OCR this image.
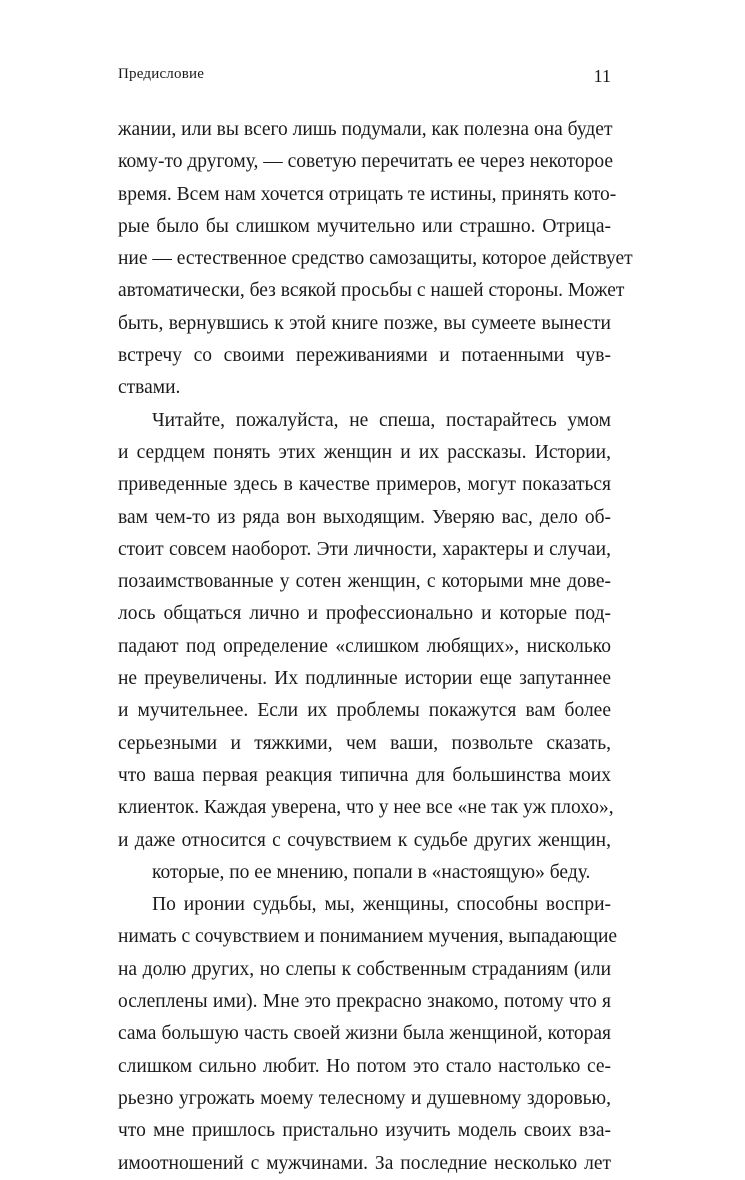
Предисловие	11
жании, или вы всего лишь подумали, как полезна она будет
кому-то другому, — советую перечитать ее через некоторое
время. Всем нам хочется отрицать те истины, принять кото-
рые было бы слишком мучительно или страшно. Отрица-
ние — естественное средство самозащиты, которое действует
автоматически, без всякой просьбы с нашей стороны. Может
быть, вернувшись к этой книге позже, вы сумеете вынести
встречу со своими переживаниями и потаенными чув-
ствами.
Читайте, пожалуйста, не спеша, постарайтесь умом
и сердцем понять этих женщин и их рассказы. Истории,
приведенные здесь в качестве примеров, могут показаться
вам чем-то из ряда вон выходящим. Уверяю вас, дело об-
стоит совсем наоборот. Эти личности, характеры и случаи,
позаимствованные у сотен женщин, с которыми мне дове-
лось общаться лично и профессионально и которые под-
падают под определение «слишком любящих», нисколько
не преувеличены. Их подлинные истории еще запутаннее
и мучительнее. Если их проблемы покажутся вам более
серьезными и тяжкими, чем ваши, позвольте сказать,
что ваша первая реакция типична для большинства моих
клиенток. Каждая уверена, что у нее все «не так уж плохо»,
и даже относится с сочувствием к судьбе других женщин,
которые, по ее мнению, попали в «настоящую» беду.
По иронии судьбы, мы, женщины, способны воспри-
нимать с сочувствием и пониманием мучения, выпадающие
на долю других, но слепы к собственным страданиям (или
ослеплены ими). Мне это прекрасно знакомо, потому что я
сама большую часть своей жизни была женщиной, которая
слишком сильно любит. Но потом это стало настолько се-
рьезно угрожать моему телесному и душевному здоровью,
что мне пришлось пристально изучить модель своих вза-
имоотношений с мужчинами. За последние несколько лет
